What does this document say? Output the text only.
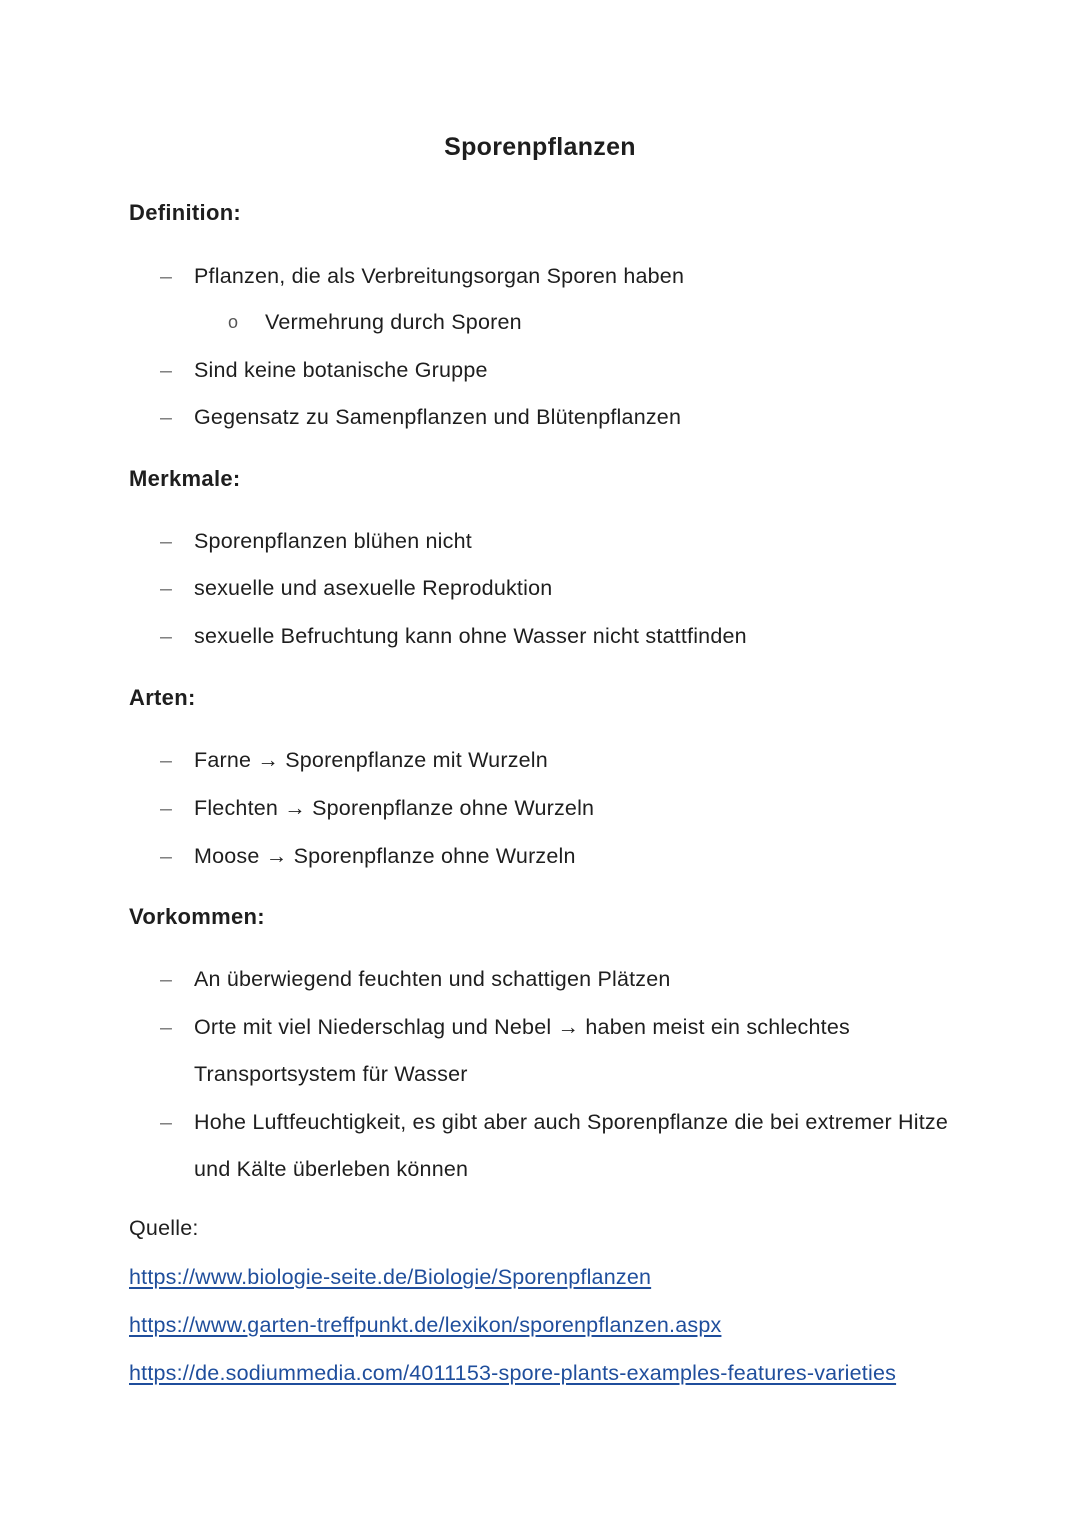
Sporenpflanzen
Definition:
–	Pflanzen, die als Verbreitungsorgan Sporen haben
o Vermehrung durch Sporen
–	Sind keine botanische Gruppe
–	Gegensatz zu Samenpflanzen und Blütenpflanzen
Merkmale:
–	Sporenpflanzen blühen nicht
–	sexuelle und asexuelle Reproduktion
–	sexuelle Befruchtung kann ohne Wasser nicht stattfinden
Arten:
–	Farne → Sporenpflanze mit Wurzeln
–	Flechten → Sporenpflanze ohne Wurzeln
–	Moose → Sporenpflanze ohne Wurzeln
Vorkommen:
–	An überwiegend feuchten und schattigen Plätzen
–	Orte mit viel Niederschlag und Nebel → haben meist ein schlechtes Transportsystem für Wasser
–	Hohe Luftfeuchtigkeit, es gibt aber auch Sporenpflanze die bei extremer Hitze und Kälte überleben können
Quelle:
https://www.biologie-seite.de/Biologie/Sporenpflanzen
https://www.garten-treffpunkt.de/lexikon/sporenpflanzen.aspx
https://de.sodiummedia.com/4011153-spore-plants-examples-features-varieties
